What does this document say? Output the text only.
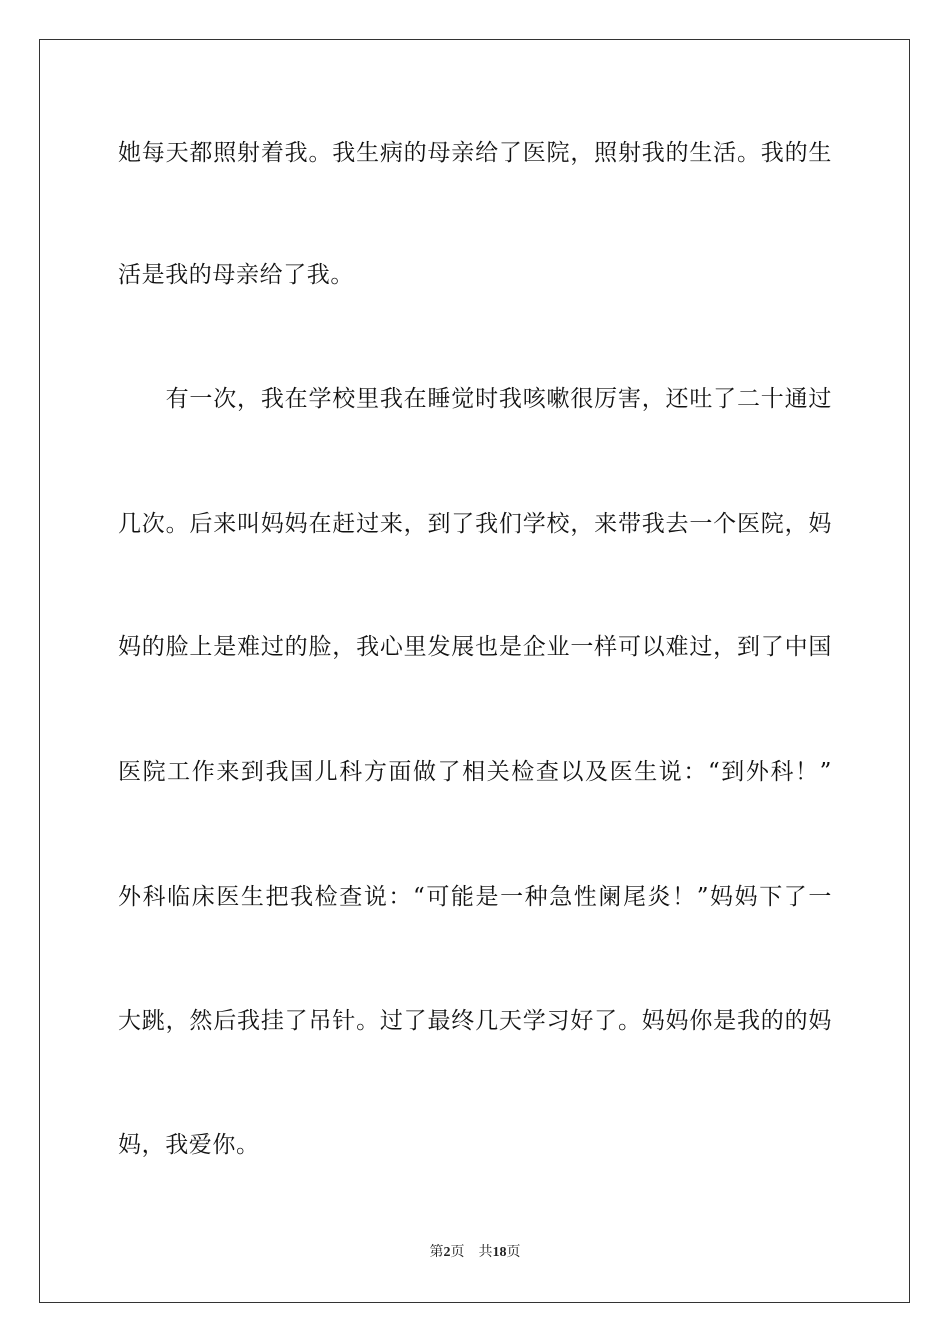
她每天都照射着我。我生病的母亲给了医院，照射我的生活。我的生
活是我的母亲给了我。
　　有一次，我在学校里我在睡觉时我咳嗽很厉害，还吐了二十通过
几次。后来叫妈妈在赶过来，到了我们学校，来带我去一个医院，妈
妈的脸上是难过的脸，我心里发展也是企业一样可以难过，到了中国
医院工作来到我国儿科方面做了相关检查以及医生说：“到外科！”
外科临床医生把我检查说：“可能是一种急性阑尾炎！”妈妈下了一
大跳，然后我挂了吊针。过了最终几天学习好了。妈妈你是我的的妈
妈，我爱你。
第2页 共18页
